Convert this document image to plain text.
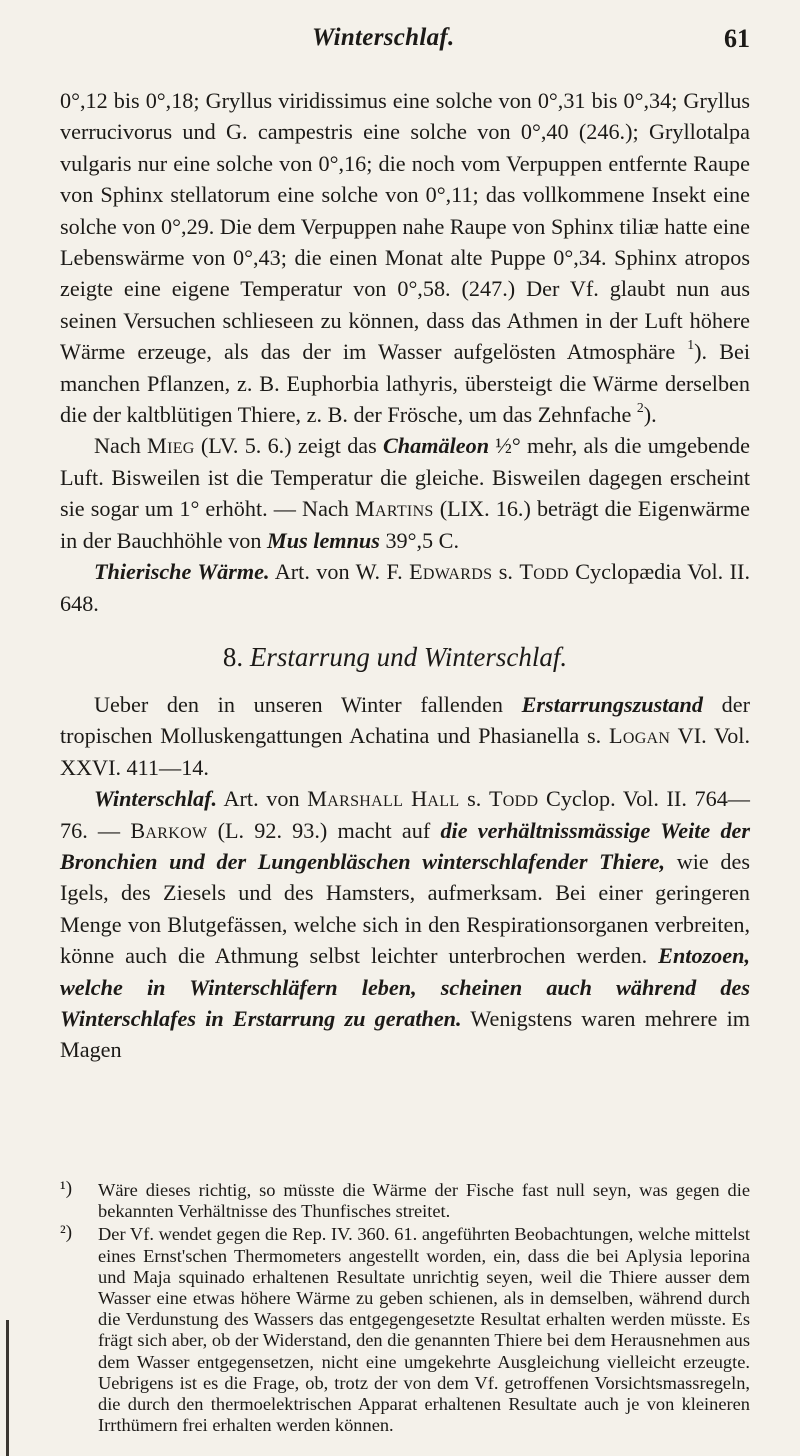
Winterschlaf.	61

0°,12 bis 0°,18; Gryllus viridissimus eine solche von 0°,31 bis 0°,34; Gryllus verrucivorus und G. campestris eine solche von 0°,40 (246.); Gryllotalpa vulgaris nur eine solche von 0°,16; die noch vom Verpuppen entfernte Raupe von Sphinx stellatorum eine solche von 0°,11; das vollkommene Insekt eine solche von 0°,29. Die dem Verpuppen nahe Raupe von Sphinx tiliæ hatte eine Lebenswärme von 0°,43; die einen Monat alte Puppe 0°,34. Sphinx atropos zeigte eine eigene Temperatur von 0°,58. (247.) Der Vf. glaubt nun aus seinen Versuchen schlieseen zu können, dass das Athmen in der Luft höhere Wärme erzeuge, als das der im Wasser aufgelösten Atmosphäre $^1$). Bei manchen Pflanzen, z. B. Euphorbia lathyris, übersteigt die Wärme derselben die der kaltblütigen Thiere, z. B. der Frösche, um das Zehnfache $^2$).

Nach Mieg (LV. 5. 6.) zeigt das Chamäleon ½° mehr, als die umgebende Luft. Bisweilen ist die Temperatur die gleiche. Bisweilen dagegen erscheint sie sogar um 1° erhöht. — Nach Martins (LIX. 16.) beträgt die Eigenwärme in der Bauchhöhle von Mus lemnus 39°,5 C.

Thierische Wärme. Art. von W. F. Edwards s. Todd Cyclopædia Vol. II. 648.

8. Erstarrung und Winterschlaf.

Ueber den in unseren Winter fallenden Erstarrungszustand der tropischen Molluskengattungen Achatina und Phasianella s. Logan VI. Vol. XXVI. 411—14.

Winterschlaf. Art. von Marshall Hall s. Todd Cyclop. Vol. II. 764—76. — Barkow (L. 92. 93.) macht auf die verhältnissmässige Weite der Bronchien und der Lungenbläschen winterschlafender Thiere, wie des Igels, des Ziesels und des Hamsters, aufmerksam. Bei einer geringeren Menge von Blutgefässen, welche sich in den Respirationsorganen verbreiten, könne auch die Athmung selbst leichter unterbrochen werden. Entozoen, welche in Winterschläfern leben, scheinen auch während des Winterschlafes in Erstarrung zu gerathen. Wenigstens waren mehrere im Magen

¹) Wäre dieses richtig, so müsste die Wärme der Fische fast null seyn, was gegen die bekannten Verhältnisse des Thunfisches streitet.

²) Der Vf. wendet gegen die Rep. IV. 360. 61. angeführten Beobachtungen, welche mittelst eines Ernst'schen Thermometers angestellt worden, ein, dass die bei Aplysia leporina und Maja squinado erhaltenen Resultate unrichtig seyen, weil die Thiere ausser dem Wasser eine etwas höhere Wärme zu geben schienen, als in demselben, während durch die Verdunstung des Wassers das entgegengesetzte Resultat erhalten werden müsste. Es frägt sich aber, ob der Widerstand, den die genannten Thiere bei dem Herausnehmen aus dem Wasser entgegensetzen, nicht eine umgekehrte Ausgleichung vielleicht erzeugte. Uebrigens ist es die Frage, ob, trotz der von dem Vf. getroffenen Vorsichtsmassregeln, die durch den thermoelektrischen Apparat erhaltenen Resultate auch je von kleineren Irrthümern frei erhalten werden können.
